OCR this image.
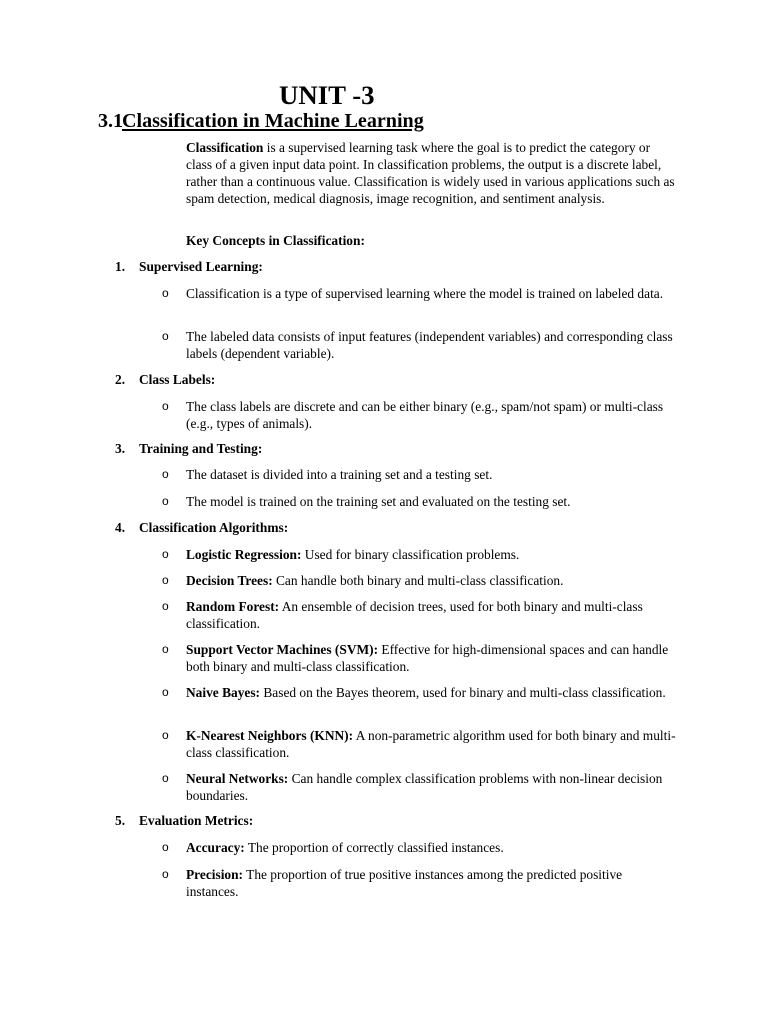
UNIT -3
3.1Classification in Machine Learning

Classification is a supervised learning task where the goal is to predict the category or class of a given input data point. In classification problems, the output is a discrete label, rather than a continuous value. Classification is widely used in various applications such as spam detection, medical diagnosis, image recognition, and sentiment analysis.

Key Concepts in Classification:

1. Supervised Learning:

o Classification is a type of supervised learning where the model is trained on labeled data.
o The labeled data consists of input features (independent variables) and corresponding class labels (dependent variable).

2. Class Labels:

o The class labels are discrete and can be either binary (e.g., spam/not spam) or multi-class (e.g., types of animals).

3. Training and Testing:

o The dataset is divided into a training set and a testing set.
o The model is trained on the training set and evaluated on the testing set.

4. Classification Algorithms:

o Logistic Regression: Used for binary classification problems.
o Decision Trees: Can handle both binary and multi-class classification.
o Random Forest: An ensemble of decision trees, used for both binary and multi-class classification.
o Support Vector Machines (SVM): Effective for high-dimensional spaces and can handle both binary and multi-class classification.
o Naive Bayes: Based on the Bayes theorem, used for binary and multi-class classification.
o K-Nearest Neighbors (KNN): A non-parametric algorithm used for both binary and multi-class classification.
o Neural Networks: Can handle complex classification problems with non-linear decision boundaries.

5. Evaluation Metrics:

o Accuracy: The proportion of correctly classified instances.
o Precision: The proportion of true positive instances among the predicted positive instances.
